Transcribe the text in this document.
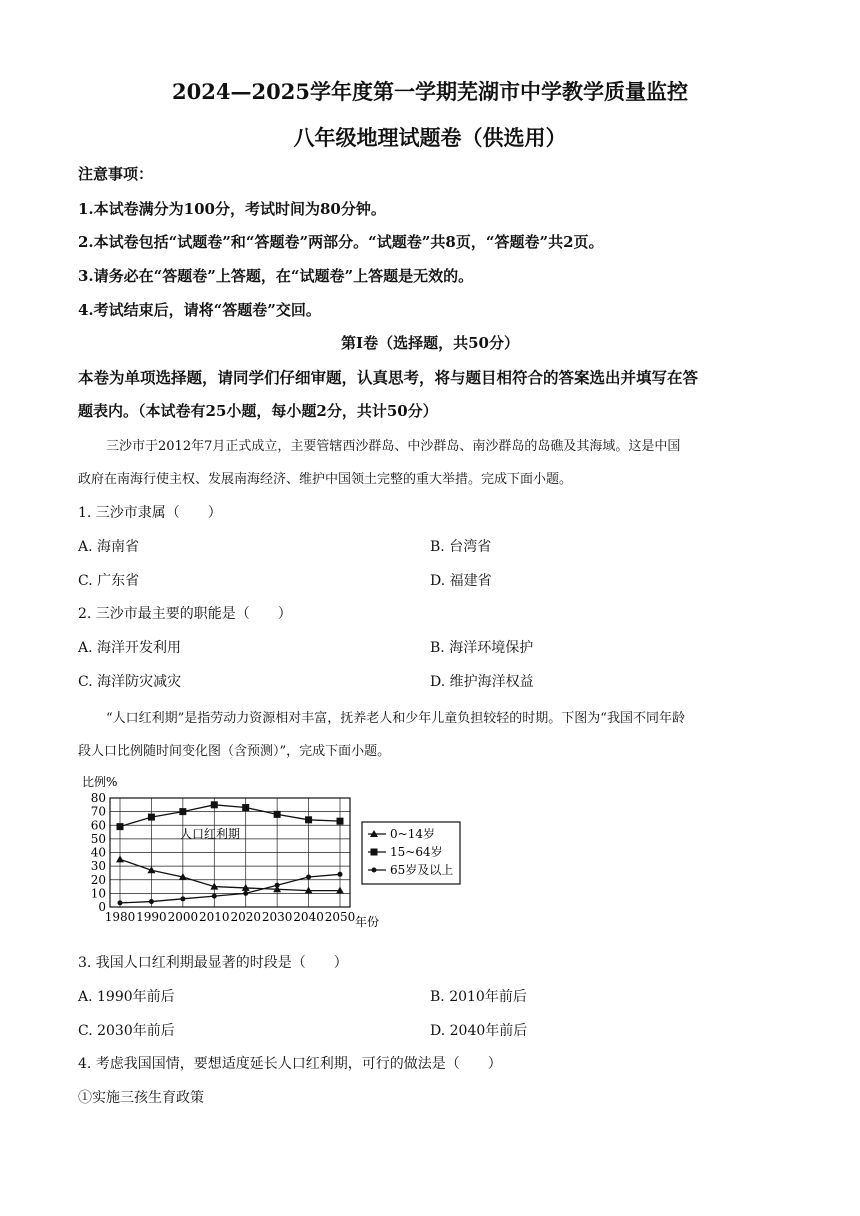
2024—2025学年度第一学期芜湖市中学教学质量监控
八年级地理试题卷（供选用）
注意事项：
1.本试卷满分为100分，考试时间为80分钟。
2.本试卷包括“试题卷”和“答题卷”两部分。“试题卷”共8页，“答题卷”共2页。
3.请务必在“答题卷”上答题，在“试题卷”上答题是无效的。
4.考试结束后，请将“答题卷”交回。
第Ⅰ卷（选择题，共50分）
本卷为单项选择题，请同学们仔细审题，认真思考，将与题目相符合的答案选出并填写在答
题表内。（本试卷有25小题，每小题2分，共计50分）
三沙市于2012年7月正式成立，主要管辖西沙群岛、中沙群岛、南沙群岛的岛礁及其海域。这是中国
政府在南海行使主权、发展南海经济、维护中国领土完整的重大举措。完成下面小题。
1. 三沙市隶属（　　）
A. 海南省	B. 台湾省
C. 广东省	D. 福建省
2. 三沙市最主要的职能是（　　）
A. 海洋开发利用	B. 海洋环境保护
C. 海洋防灾减灾	D. 维护海洋权益
“人口红利期”是指劳动力资源相对丰富，抚养老人和少年儿童负担较轻的时期。下图为“我国不同年龄
段人口比例随时间变化图（含预测）”，完成下面小题。
0
10
20
30
40
50
60
70
80
1980 1990 2000 2010 2020 2030 2040 2050
0~14岁
15~64岁
65岁及以上
比例%
年份
人口红利期
3. 我国人口红利期最显著的时段是（　　）
A. 1990年前后	B. 2010年前后
C. 2030年前后	D. 2040年前后
4. 考虑我国国情，要想适度延长人口红利期，可行的做法是（　　）
①实施三孩生育政策
